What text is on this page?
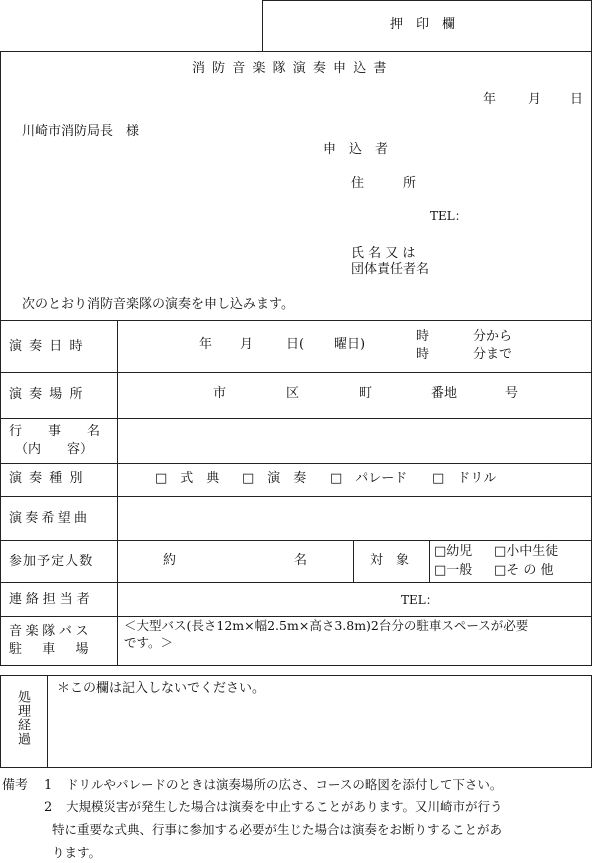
押　印　欄
消防音楽隊演奏申込書
年 月 日
川崎市消防局長　様
申　込　者
住　　　所
TEL：
氏 名 又 は
団体責任者名
次のとおり消防音楽隊の演奏を申し込みます。
演奏日時	年 月	日( 曜日)
時	分から
時	分まで
演奏場所	市	区	町	番地	号
行　　事　　名
（内　　容）
演奏種別	□　式　典 □　演　奏 □　パレード □　ドリル
演奏希望曲
参加予定人数	約	名	対　象
□幼児 □小中生徒
□一般 □そ の 他
連絡担当者	TEL：
音楽隊バス
駐　車　場
＜大型バス(長さ12m×幅2.5m×高さ3.8m)2台分の駐車スペースが必要
です。＞
処理経過
＊この欄は記入しないでください。
備考 1 ドリルやパレードのときは演奏場所の広さ、コースの略図を添付して下さい。
2 大規模災害が発生した場合は演奏を中止することがあります。又川崎市が行う
特に重要な式典、行事に参加する必要が生じた場合は演奏をお断りすることがあ
ります。
